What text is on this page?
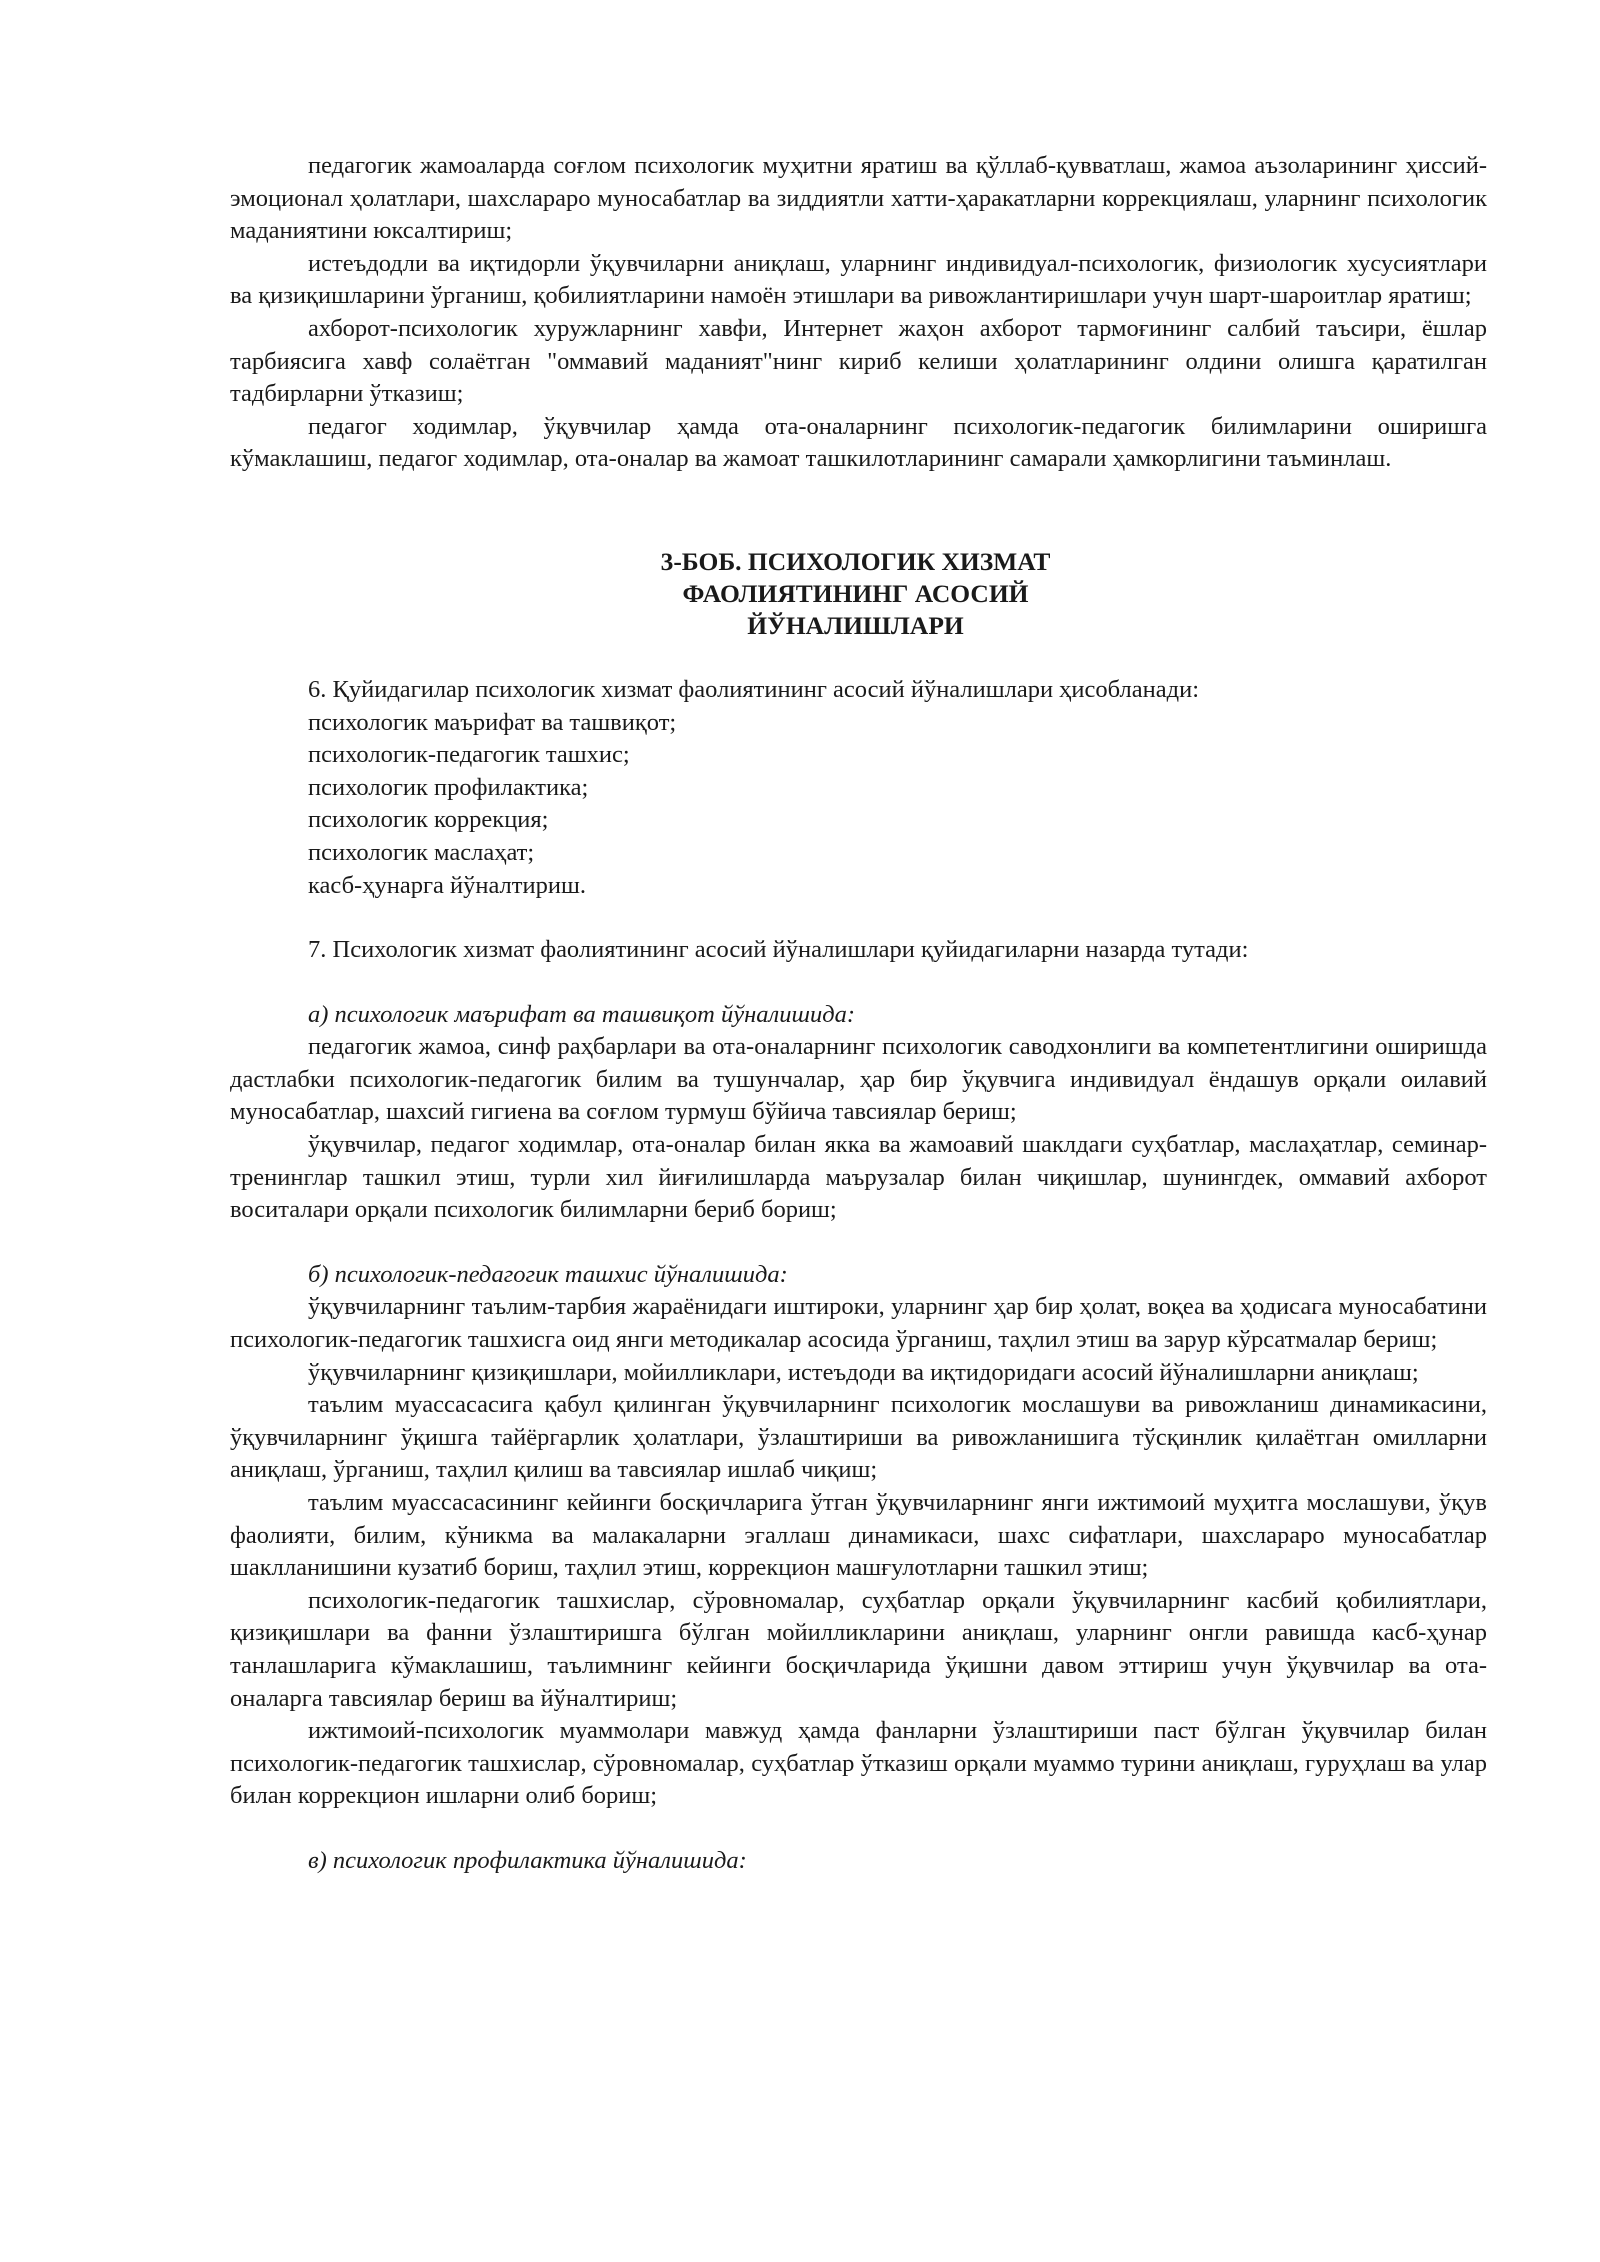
педагогик жамоаларда соғлом психологик муҳитни яратиш ва қўллаб-қувватлаш, жамоа аъзоларининг ҳиссий-эмоционал ҳолатлари, шахслараро муносабатлар ва зиддиятли хатти-ҳаракатларни коррекциялаш, уларнинг психологик маданиятини юксалтириш;

истеъдодли ва иқтидорли ўқувчиларни аниқлаш, уларнинг индивидуал-психологик, физиологик хусусиятлари ва қизиқишларини ўрганиш, қобилиятларини намоён этишлари ва ривожлантиришлари учун шарт-шароитлар яратиш;

ахборот-психологик хуружларнинг хавфи, Интернет жаҳон ахборот тармоғининг салбий таъсири, ёшлар тарбиясига хавф солаётган "оммавий маданият"нинг кириб келиши ҳолатларининг олдини олишга қаратилган тадбирларни ўтказиш;

педагог ходимлар, ўқувчилар ҳамда ота-оналарнинг психологик-педагогик билимларини оширишга кўмаклашиш, педагог ходимлар, ота-оналар ва жамоат ташкилотларининг самарали ҳамкорлигини таъминлаш.

3-БОБ. ПСИХОЛОГИК ХИЗМАТ

ФАОЛИЯТИНИНГ АСОСИЙ

ЙЎНАЛИШЛАРИ

6. Қуйидагилар психологик хизмат фаолиятининг асосий йўналишлари ҳисобланади:

психологик маърифат ва ташвиқот;

психологик-педагогик ташхис;

психологик профилактика;

психологик коррекция;

психологик маслаҳат;

касб-ҳунарга йўналтириш.

7. Психологик хизмат фаолиятининг асосий йўналишлари қуйидагиларни назарда тутади:

а) психологик маърифат ва ташвиқот йўналишида:

педагогик жамоа, синф раҳбарлари ва ота-оналарнинг психологик саводхонлиги ва компетентлигини оширишда дастлабки психологик-педагогик билим ва тушунчалар, ҳар бир ўқувчига индивидуал ёндашув орқали оилавий муносабатлар, шахсий гигиена ва соғлом турмуш бўйича тавсиялар бериш;

ўқувчилар, педагог ходимлар, ота-оналар билан якка ва жамоавий шаклдаги суҳбатлар, маслаҳатлар, семинар-тренинглар ташкил этиш, турли хил йиғилишларда маърузалар билан чиқишлар, шунингдек, оммавий ахборот воситалари орқали психологик билимларни бериб бориш;

б) психологик-педагогик ташхис йўналишида:

ўқувчиларнинг таълим-тарбия жараёнидаги иштироки, уларнинг ҳар бир ҳолат, воқеа ва ҳодисага муносабатини психологик-педагогик ташхисга оид янги методикалар асосида ўрганиш, таҳлил этиш ва зарур кўрсатмалар бериш;

ўқувчиларнинг қизиқишлари, мойилликлари, истеъдоди ва иқтидоридаги асосий йўналишларни аниқлаш;

таълим муассасасига қабул қилинган ўқувчиларнинг психологик мослашуви ва ривожланиш динамикасини, ўқувчиларнинг ўқишга тайёргарлик ҳолатлари, ўзлаштириши ва ривожланишига тўсқинлик қилаётган омилларни аниқлаш, ўрганиш, таҳлил қилиш ва тавсиялар ишлаб чиқиш;

таълим муассасасининг кейинги босқичларига ўтган ўқувчиларнинг янги ижтимоий муҳитга мослашуви, ўқув фаолияти, билим, кўникма ва малакаларни эгаллаш динамикаси, шахс сифатлари, шахслараро муносабатлар шаклланишини кузатиб бориш, таҳлил этиш, коррекцион машғулотларни ташкил этиш;

психологик-педагогик ташхислар, сўровномалар, суҳбатлар орқали ўқувчиларнинг касбий қобилиятлари, қизиқишлари ва фанни ўзлаштиришга бўлган мойилликларини аниқлаш, уларнинг онгли равишда касб-ҳунар танлашларига кўмаклашиш, таълимнинг кейинги босқичларида ўқишни давом эттириш учун ўқувчилар ва ота-оналарга тавсиялар бериш ва йўналтириш;

ижтимоий-психологик муаммолари мавжуд ҳамда фанларни ўзлаштириши паст бўлган ўқувчилар билан психологик-педагогик ташхислар, сўровномалар, суҳбатлар ўтказиш орқали муаммо турини аниқлаш, гуруҳлаш ва улар билан коррекцион ишларни олиб бориш;

в) психологик профилактика йўналишида:
